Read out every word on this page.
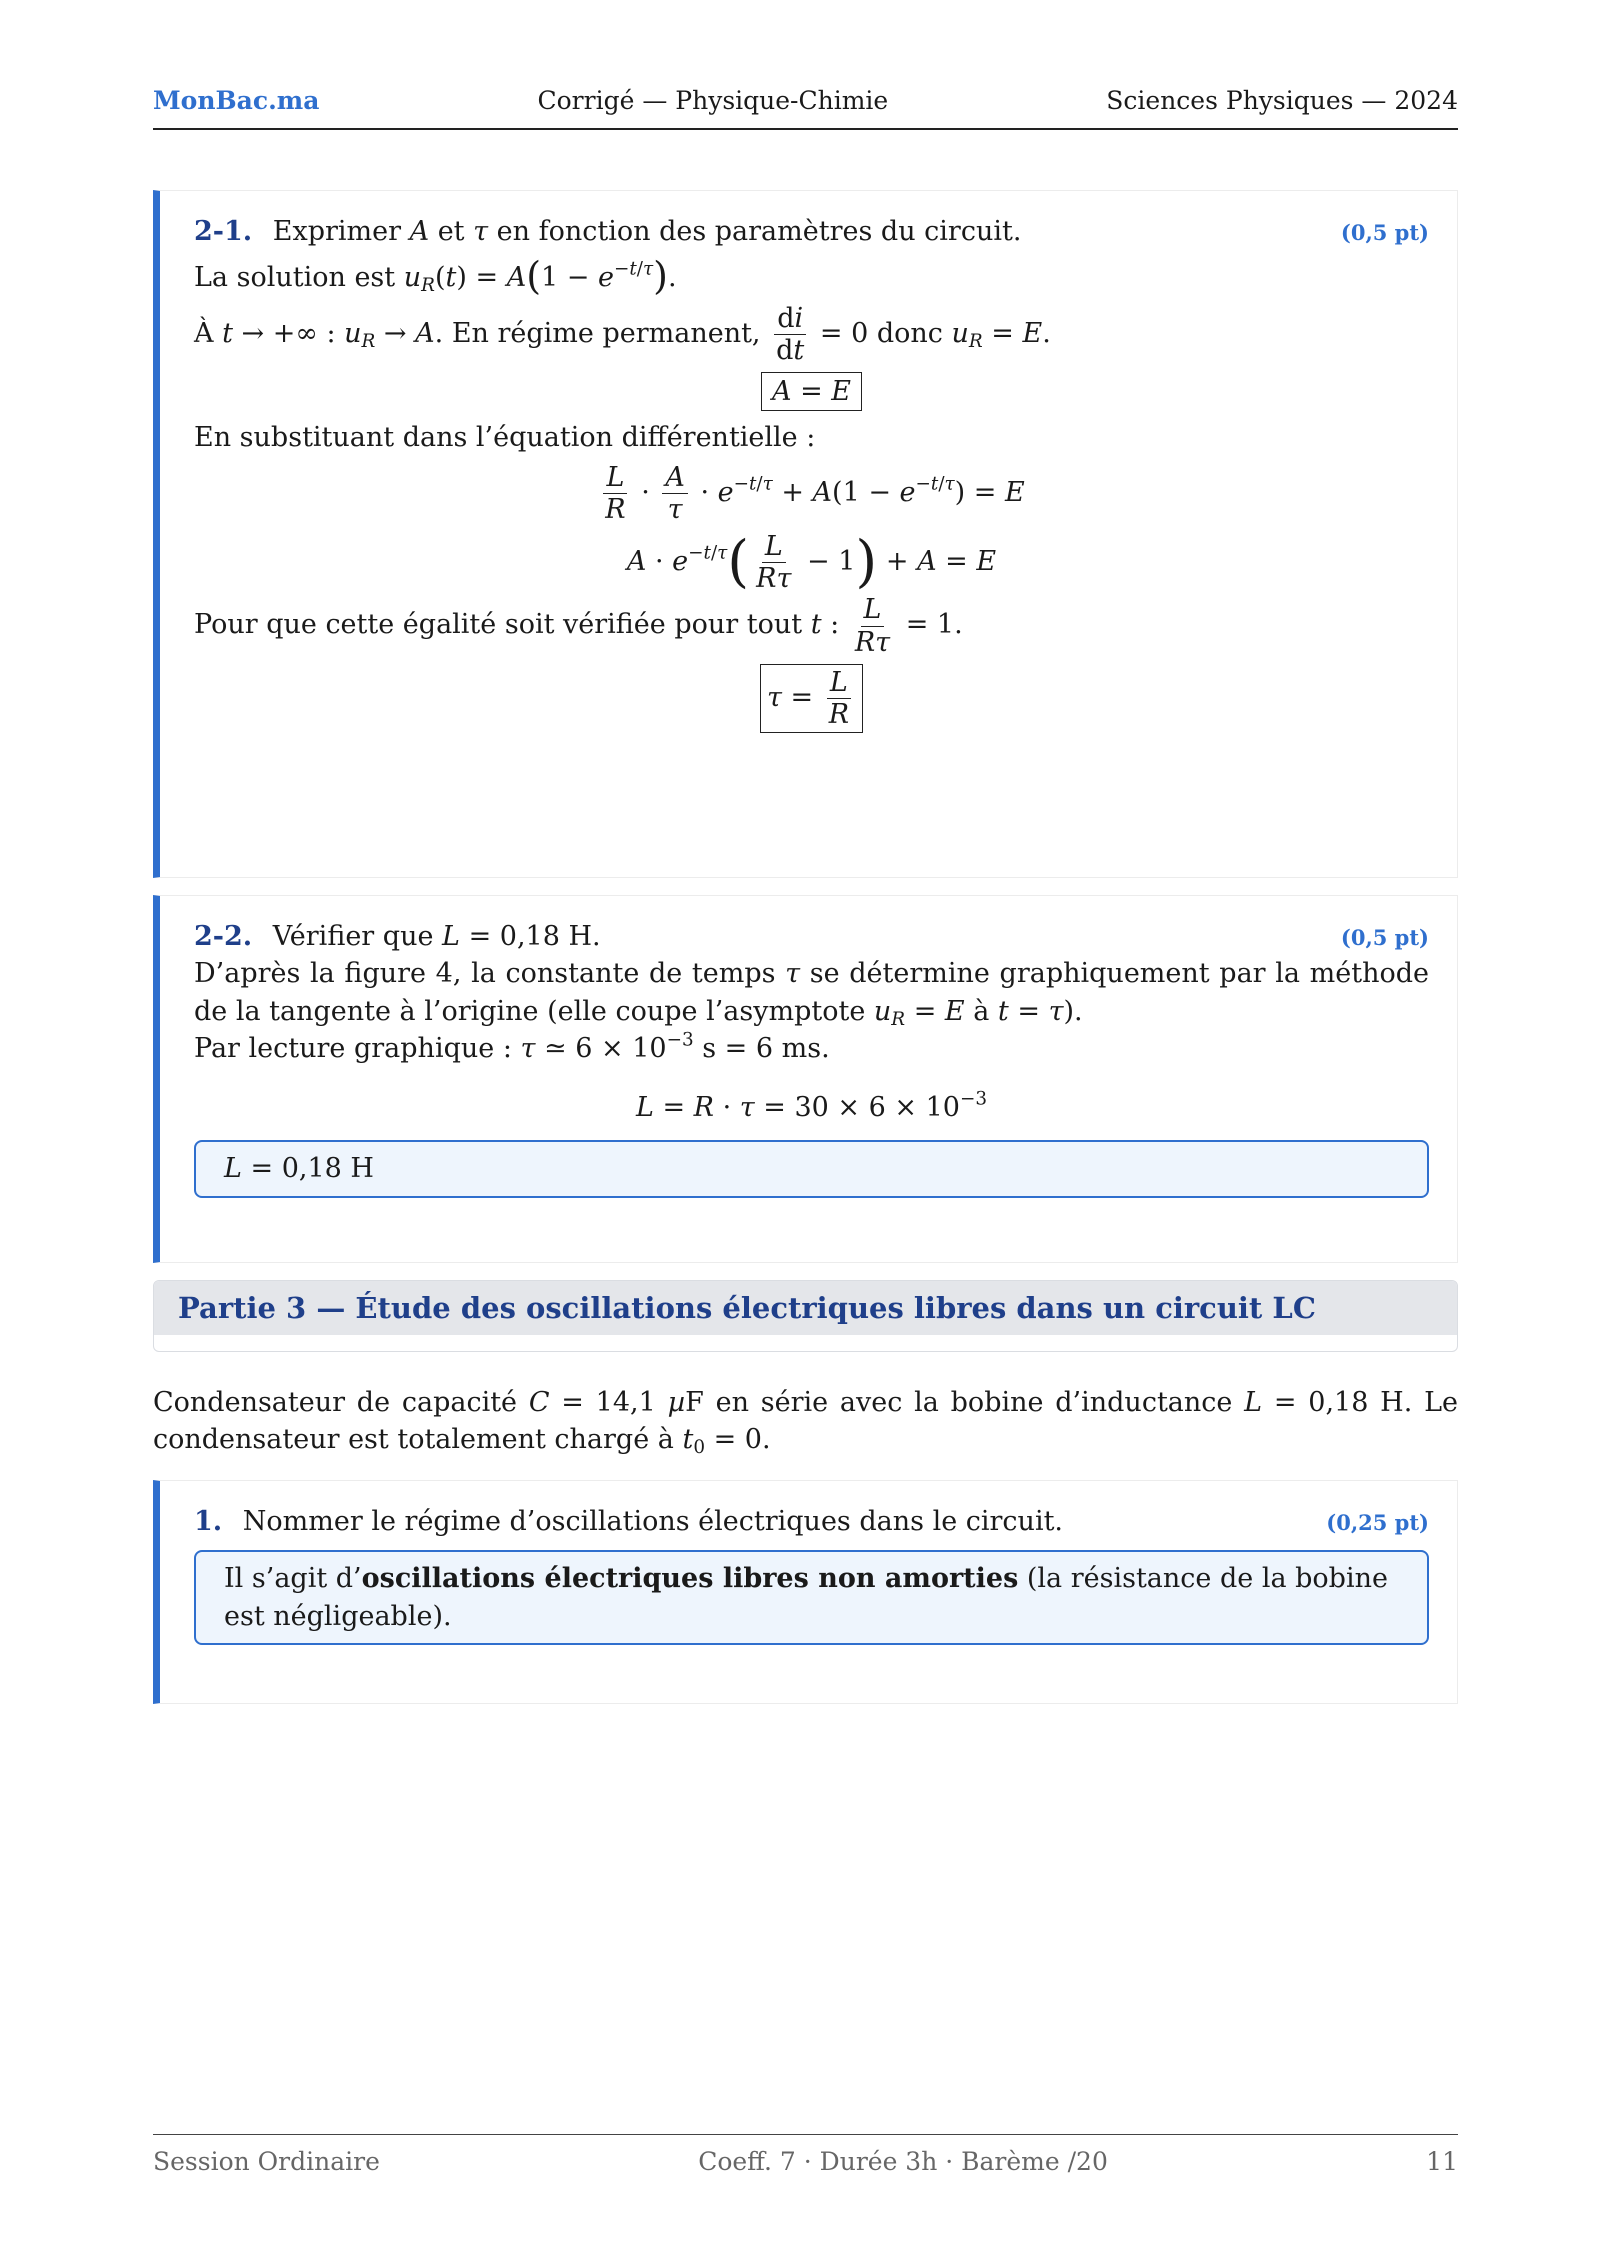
MonBac.ma	Corrigé — Physique-Chimie	Sciences Physiques — 2024
2-1. Exprimer A et τ en fonction des paramètres du circuit.	(0,5 pt)

La solution est $u_R(t) = A(1 - e^{-t/\tau})$.

À t → +∞ : $u_R \to A$. En régime permanent, $\frac{di}{dt} = 0$ donc $u_R = E$.

A = E

En substituant dans l’équation différentielle :

$\frac{L}{R} \cdot \frac{A}{\tau} \cdot e^{-t/\tau} + A(1 - e^{-t/\tau}) = E$

$A \cdot e^{-t/\tau}( \frac{L}{R\tau} - 1) + A = E$

Pour que cette égalité soit vérifiée pour tout t : $\frac{L}{R\tau} = 1$.

$\tau = \frac{L}{R}$

2-2. Vérifier que L = 0,18 H.	(0,5 pt)

D’après la figure 4, la constante de temps τ se détermine graphiquement par la méthode de la tangente à l’origine (elle coupe l’asymptote $u_R = E$ à t = τ).

Par lecture graphique : τ ≃ $6 \times 10^{-3}$ s = 6 ms.

$L = R \cdot \tau = 30 \times 6 \times 10^{-3}$

L = 0,18 H
Partie 3 — Étude des oscillations électriques libres dans un circuit LC
Condensateur de capacité C = 14,1 µF en série avec la bobine d’inductance L = 0,18 H. Le condensateur est totalement chargé à $t_0 = 0$.
1. Nommer le régime d’oscillations électriques dans le circuit.	(0,25 pt)
Il s’agit d’oscillations électriques libres non amorties (la résistance de la bobine est négligeable).
Session Ordinaire	Coeff. 7 · Durée 3h · Barème /20	11
